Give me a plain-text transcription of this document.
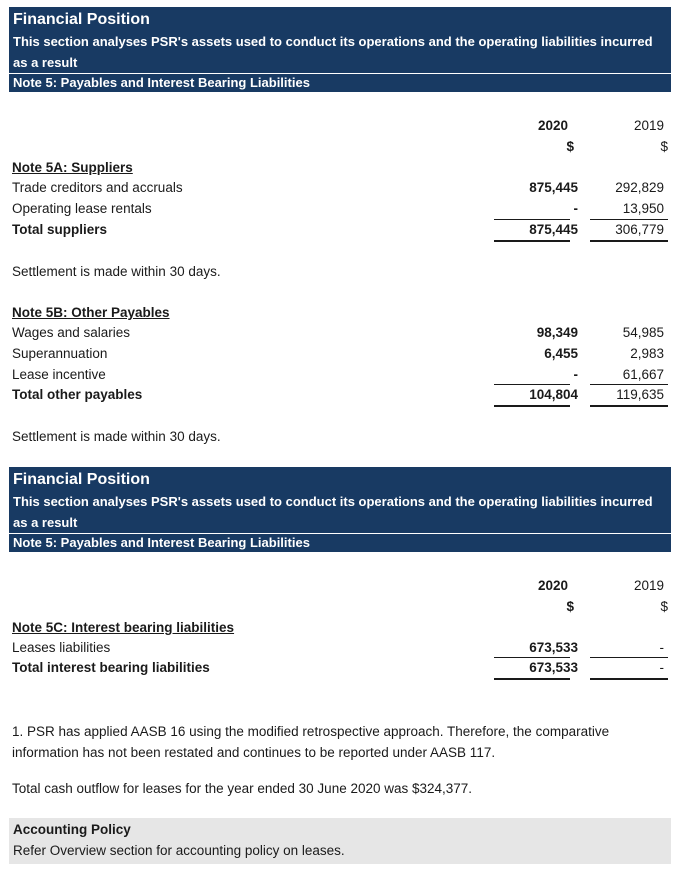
Financial Position
This section analyses PSR's assets used to conduct its operations and the operating liabilities incurred as a result
Note 5: Payables and Interest Bearing Liabilities
2020	2019
$	$
Note 5A: Suppliers
Trade creditors and accruals	875,445	292,829
Operating lease rentals	-	13,950
Total suppliers	875,445	306,779
Settlement is made within 30 days.
Note 5B: Other Payables
Wages and salaries	98,349	54,985
Superannuation	6,455	2,983
Lease incentive	-	61,667
Total other payables	104,804	119,635
Settlement is made within 30 days.
Financial Position
This section analyses PSR's assets used to conduct its operations and the operating liabilities incurred as a result
Note 5: Payables and Interest Bearing Liabilities
2020	2019
$	$
Note 5C: Interest bearing liabilities
Leases liabilities	673,533	-
Total interest bearing liabilities	673,533	-
1. PSR has applied AASB 16 using the modified retrospective approach. Therefore, the comparative information has not been restated and continues to be reported under AASB 117.
Total cash outflow for leases for the year ended 30 June 2020 was $324,377.
Accounting Policy
Refer Overview section for accounting policy on leases.
